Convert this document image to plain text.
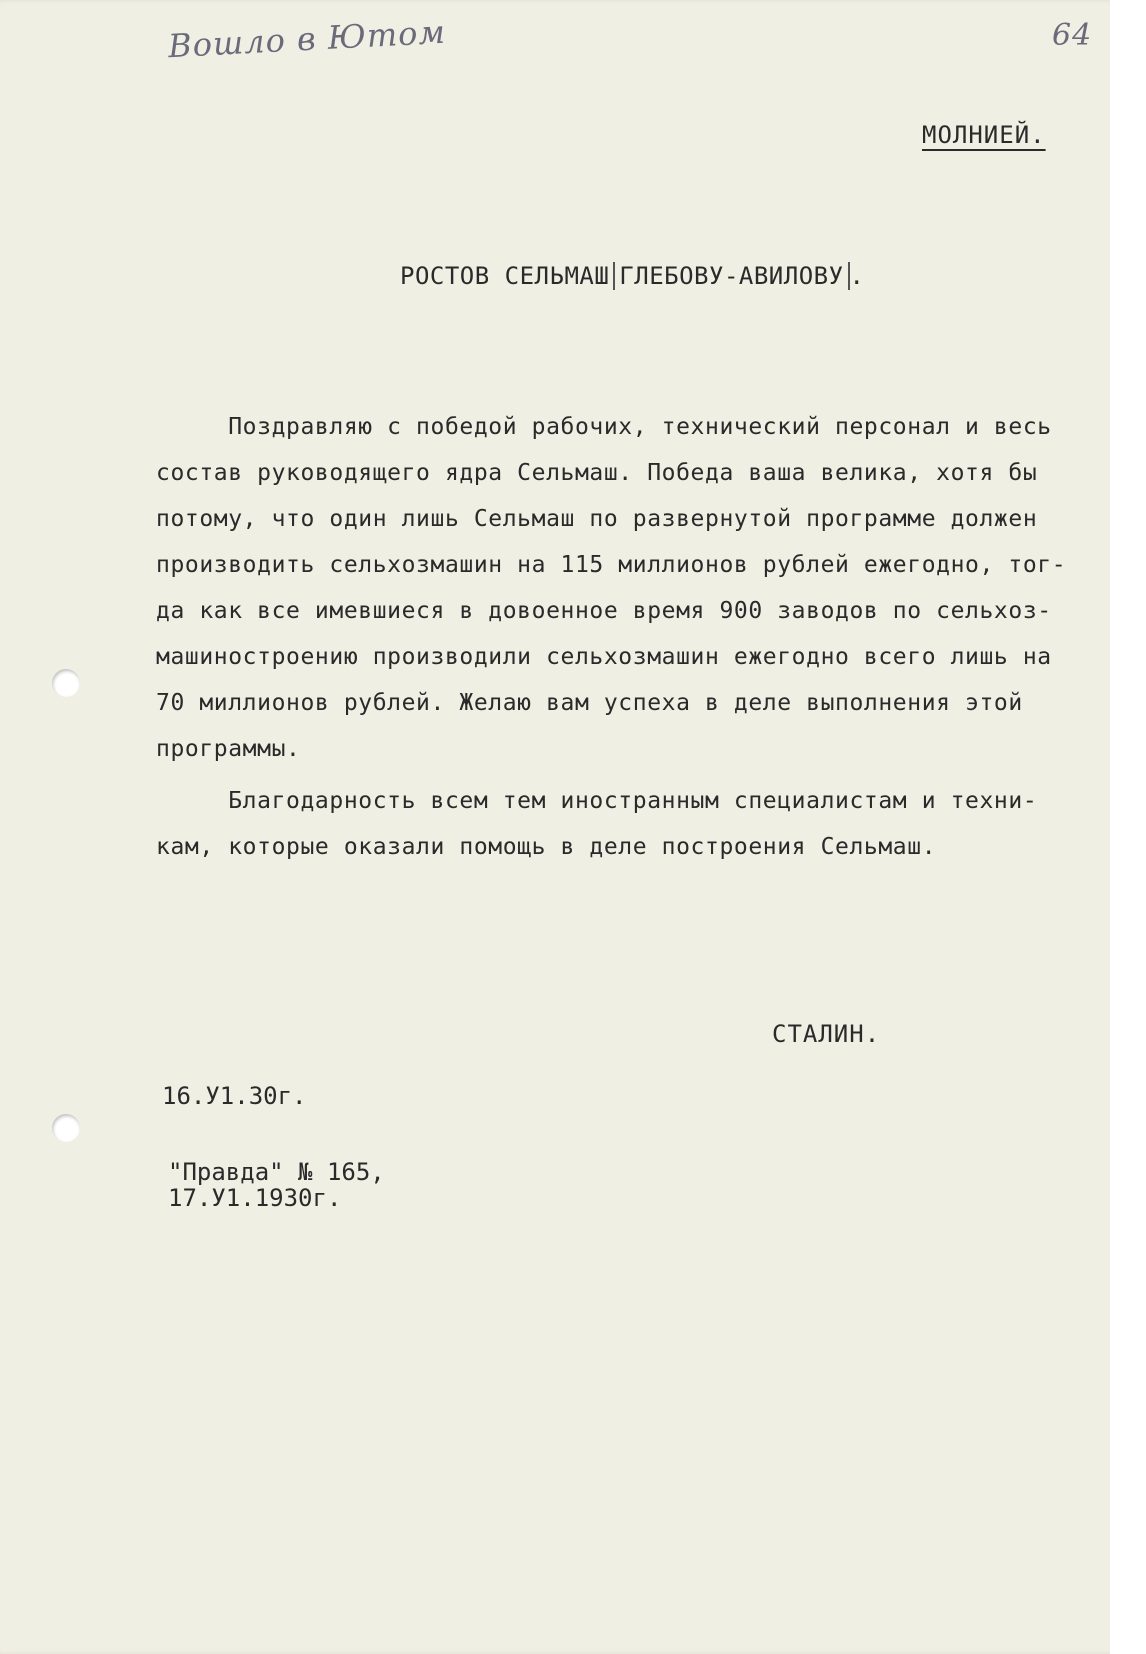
Вошло в Ютом	64
МОЛНИЕЙ.
РОСТОВ СЕЛЬМАШ ГЛЕБОВУ-АВИЛОВУ .
Поздравляю с победой рабочих, технический персонал и весь
состав руководящего ядра Сельмаш. Победа ваша велика, хотя бы
потому, что один лишь Сельмаш по развернутой программе должен
производить сельхозмашин на 115 миллионов рублей ежегодно, тог-
да как все имевшиеся в довоенное время 900 заводов по сельхоз-
машиностроению производили сельхозмашин ежегодно всего лишь на
70 миллионов рублей. Желаю вам успеха в деле выполнения этой
программы.
Благодарность всем тем иностранным специалистам и техни-
кам, которые оказали помощь в деле построения Сельмаш.
СТАЛИН.
16.У1.30г.
"Правда" № 165,
17.У1.1930г.
